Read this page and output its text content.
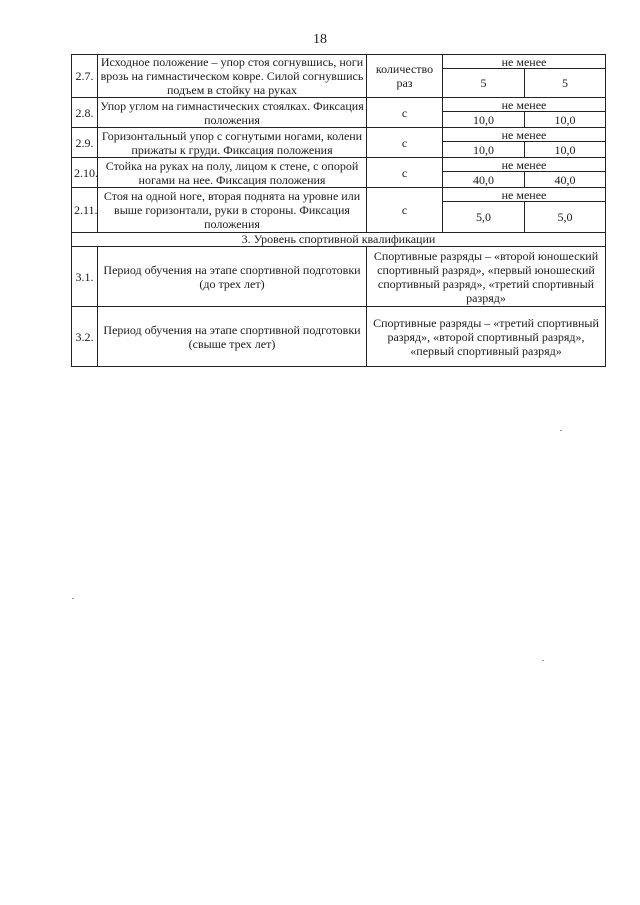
18
2.7.	Исходное положение – упор стоя согнувшись, ноги врозь на гимнастическом ковре. Силой согнувшись подъем в стойку на руках	количество раз	не менее	
			5	5
2.8.	Упор углом на гимнастических стоялках. Фиксация положения	с	не менее	
			10,0	10,0
2.9.	Горизонтальный упор с согнутыми ногами, колени прижаты к груди. Фиксация положения	с	не менее	
			10,0	10,0
2.10.	Стойка на руках на полу, лицом к стене, с опорой ногами на нее. Фиксация положения	с	не менее	
			40,0	40,0
2.11.	Стоя на одной ноге, вторая поднята на уровне или выше горизонтали, руки в стороны. Фиксация положения	с	не менее	
			5,0	5,0
3. Уровень спортивной квалификации				
3.1.	Период обучения на этапе спортивной подготовки (до трех лет)	Спортивные разряды – «второй юношеский спортивный разряд», «первый юношеский спортивный разряд», «третий спортивный разряд»		
3.2.	Период обучения на этапе спортивной подготовки (свыше трех лет)	Спортивные разряды – «третий спортивный разряд», «второй спортивный разряд», «первый спортивный разряд»		
